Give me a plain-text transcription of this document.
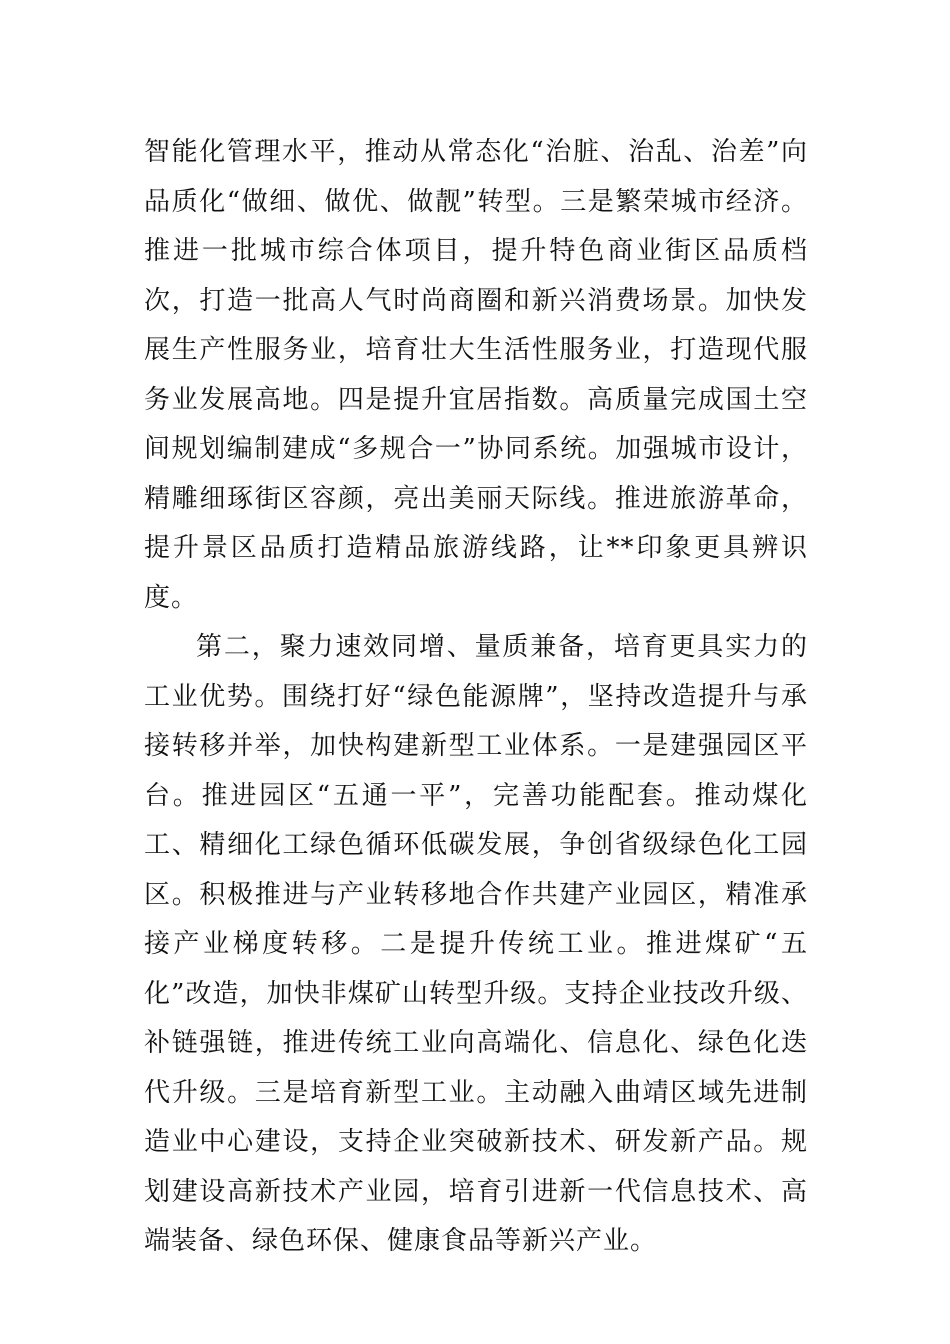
智能化管理水平，推动从常态化“治脏、治乱、治差”向品质化“做细、做优、做靓”转型。三是繁荣城市经济。推进一批城市综合体项目，提升特色商业街区品质档次，打造一批高人气时尚商圈和新兴消费场景。加快发展生产性服务业，培育壮大生活性服务业，打造现代服务业发展高地。四是提升宜居指数。高质量完成国土空间规划编制建成“多规合一”协同系统。加强城市设计，精雕细琢街区容颜，亮出美丽天际线。推进旅游革命，提升景区品质打造精品旅游线路，让**印象更具辨识度。

第二，聚力速效同增、量质兼备，培育更具实力的工业优势。围绕打好“绿色能源牌”，坚持改造提升与承接转移并举，加快构建新型工业体系。一是建强园区平台。推进园区“五通一平”，完善功能配套。推动煤化工、精细化工绿色循环低碳发展，争创省级绿色化工园区。积极推进与产业转移地合作共建产业园区，精准承接产业梯度转移。二是提升传统工业。推进煤矿“五化”改造，加快非煤矿山转型升级。支持企业技改升级、补链强链，推进传统工业向高端化、信息化、绿色化迭代升级。三是培育新型工业。主动融入曲靖区域先进制造业中心建设，支持企业突破新技术、研发新产品。规划建设高新技术产业园，培育引进新一代信息技术、高端装备、绿色环保、健康食品等新兴产业。
